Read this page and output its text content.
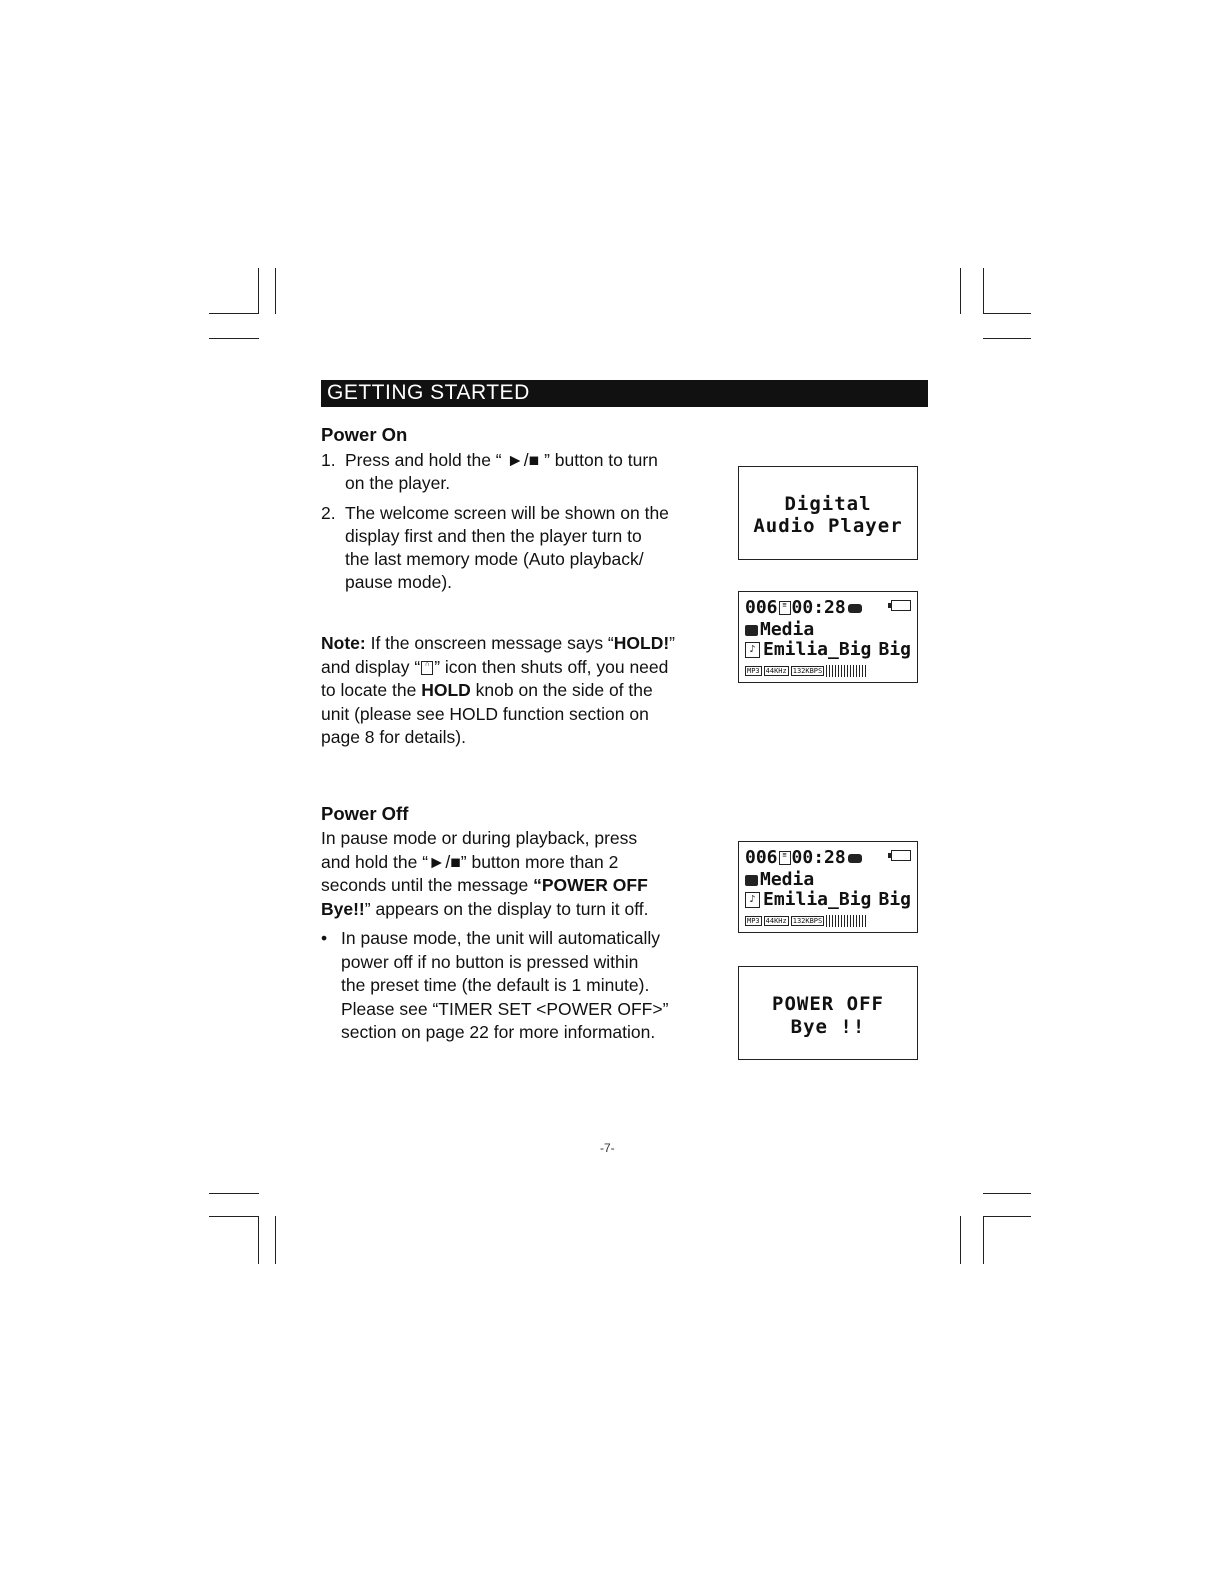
GETTING STARTED
Power On
1. Press and hold the “ ►/■ ” button to turn
on the player.
2. The welcome screen will be shown on the
display first and then the player turn to
the last memory mode (Auto playback/
pause mode).
Note: If the onscreen message says “HOLD!”
and display “ ∩ ” icon then shuts off, you need
to locate the HOLD knob on the side of the
unit (please see HOLD function section on
page 8 for details).
Power Off
In pause mode or during playback, press
and hold the “►/■” button more than 2
seconds until the message “POWER OFF
Bye!!” appears on the display to turn it off.
• In pause mode, the unit will automatically
power off if no button is pressed within
the preset time (the default is 1 minute).
Please see “TIMER SET <POWER OFF>”
section on page 22 for more information.
Digital
Audio Player
006 ≡ 00:28
Media
♪ Emilia_Big Big
MP3 44KHz 132KBPS
006 ≡ 00:28
Media
♪ Emilia_Big Big
MP3 44KHz 132KBPS
POWER OFF
Bye !!
-7-
